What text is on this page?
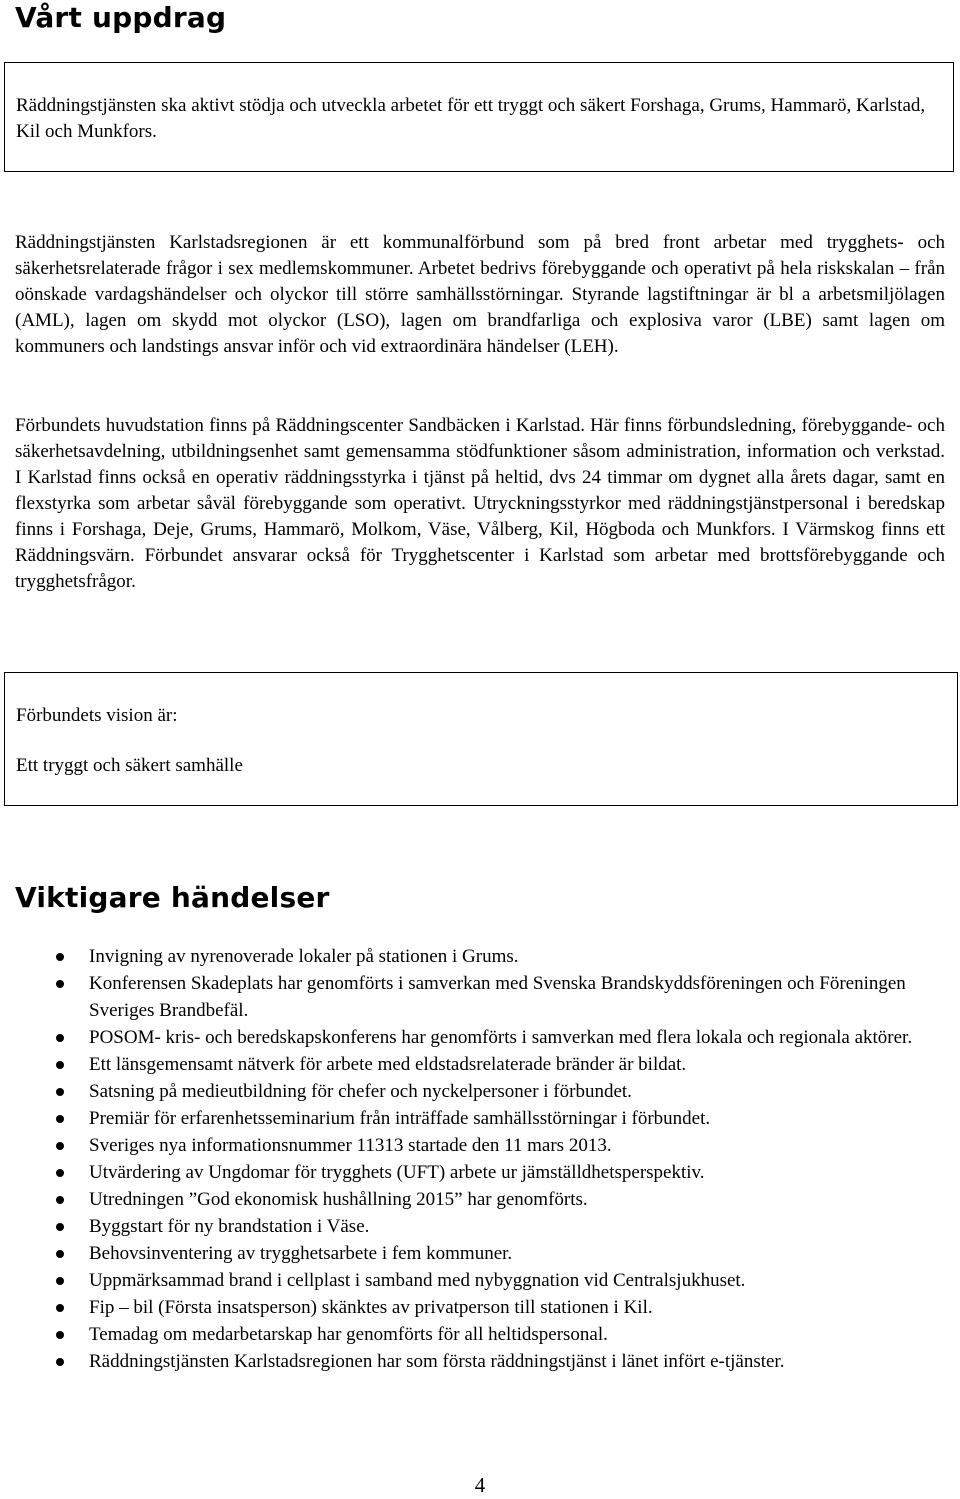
Vårt uppdrag

Räddningstjänsten ska aktivt stödja och utveckla arbetet för ett tryggt och säkert Forshaga, Grums, Hammarö, Karlstad, Kil och Munkfors.

Räddningstjänsten Karlstadsregionen är ett kommunalförbund som på bred front arbetar med trygghets- och säkerhetsrelaterade frågor i sex medlemskommuner. Arbetet bedrivs förebyggande och operativt på hela riskskalan – från oönskade vardagshändelser och olyckor till större samhällsstörningar. Styrande lagstiftningar är bl a arbetsmiljölagen (AML), lagen om skydd mot olyckor (LSO), lagen om brandfarliga och explosiva varor (LBE) samt lagen om kommuners och landstings ansvar inför och vid extraordinära händelser (LEH).

Förbundets huvudstation finns på Räddningscenter Sandbäcken i Karlstad. Här finns förbundsledning, förebyggande- och säkerhetsavdelning, utbildningsenhet samt gemensamma stödfunktioner såsom administration, information och verkstad. I Karlstad finns också en operativ räddningsstyrka i tjänst på heltid, dvs 24 timmar om dygnet alla årets dagar, samt en flexstyrka som arbetar såväl förebyggande som operativt. Utryckningsstyrkor med räddningstjänstpersonal i beredskap finns i Forshaga, Deje, Grums, Hammarö, Molkom, Väse, Vålberg, Kil, Högboda och Munkfors. I Värmskog finns ett Räddningsvärn. Förbundet ansvarar också för Trygghetscenter i Karlstad som arbetar med brottsförebyggande och trygghetsfrågor.

Förbundets vision är:

Ett tryggt och säkert samhälle

Viktigare händelser
Invigning av nyrenoverade lokaler på stationen i Grums.
Konferensen Skadeplats har genomförts i samverkan med Svenska Brandskyddsföreningen och Föreningen Sveriges Brandbefäl.
POSOM- kris- och beredskapskonferens har genomförts i samverkan med flera lokala och regionala aktörer.
Ett länsgemensamt nätverk för arbete med eldstadsrelaterade bränder är bildat.
Satsning på medieutbildning för chefer och nyckelpersoner i förbundet.
Premiär för erfarenhetsseminarium från inträffade samhällsstörningar i förbundet.
Sveriges nya informationsnummer 11313 startade den 11 mars 2013.
Utvärdering av Ungdomar för trygghets (UFT) arbete ur jämställdhetsperspektiv.
Utredningen ”God ekonomisk hushållning 2015” har genomförts.
Byggstart för ny brandstation i Väse.
Behovsinventering av trygghetsarbete i fem kommuner.
Uppmärksammad brand i cellplast i samband med nybyggnation vid Centralsjukhuset.
Fip – bil (Första insatsperson) skänktes av privatperson till stationen i Kil.
Temadag om medarbetarskap har genomförts för all heltidspersonal.
Räddningstjänsten Karlstadsregionen har som första räddningstjänst i länet infört e-tjänster.
4
